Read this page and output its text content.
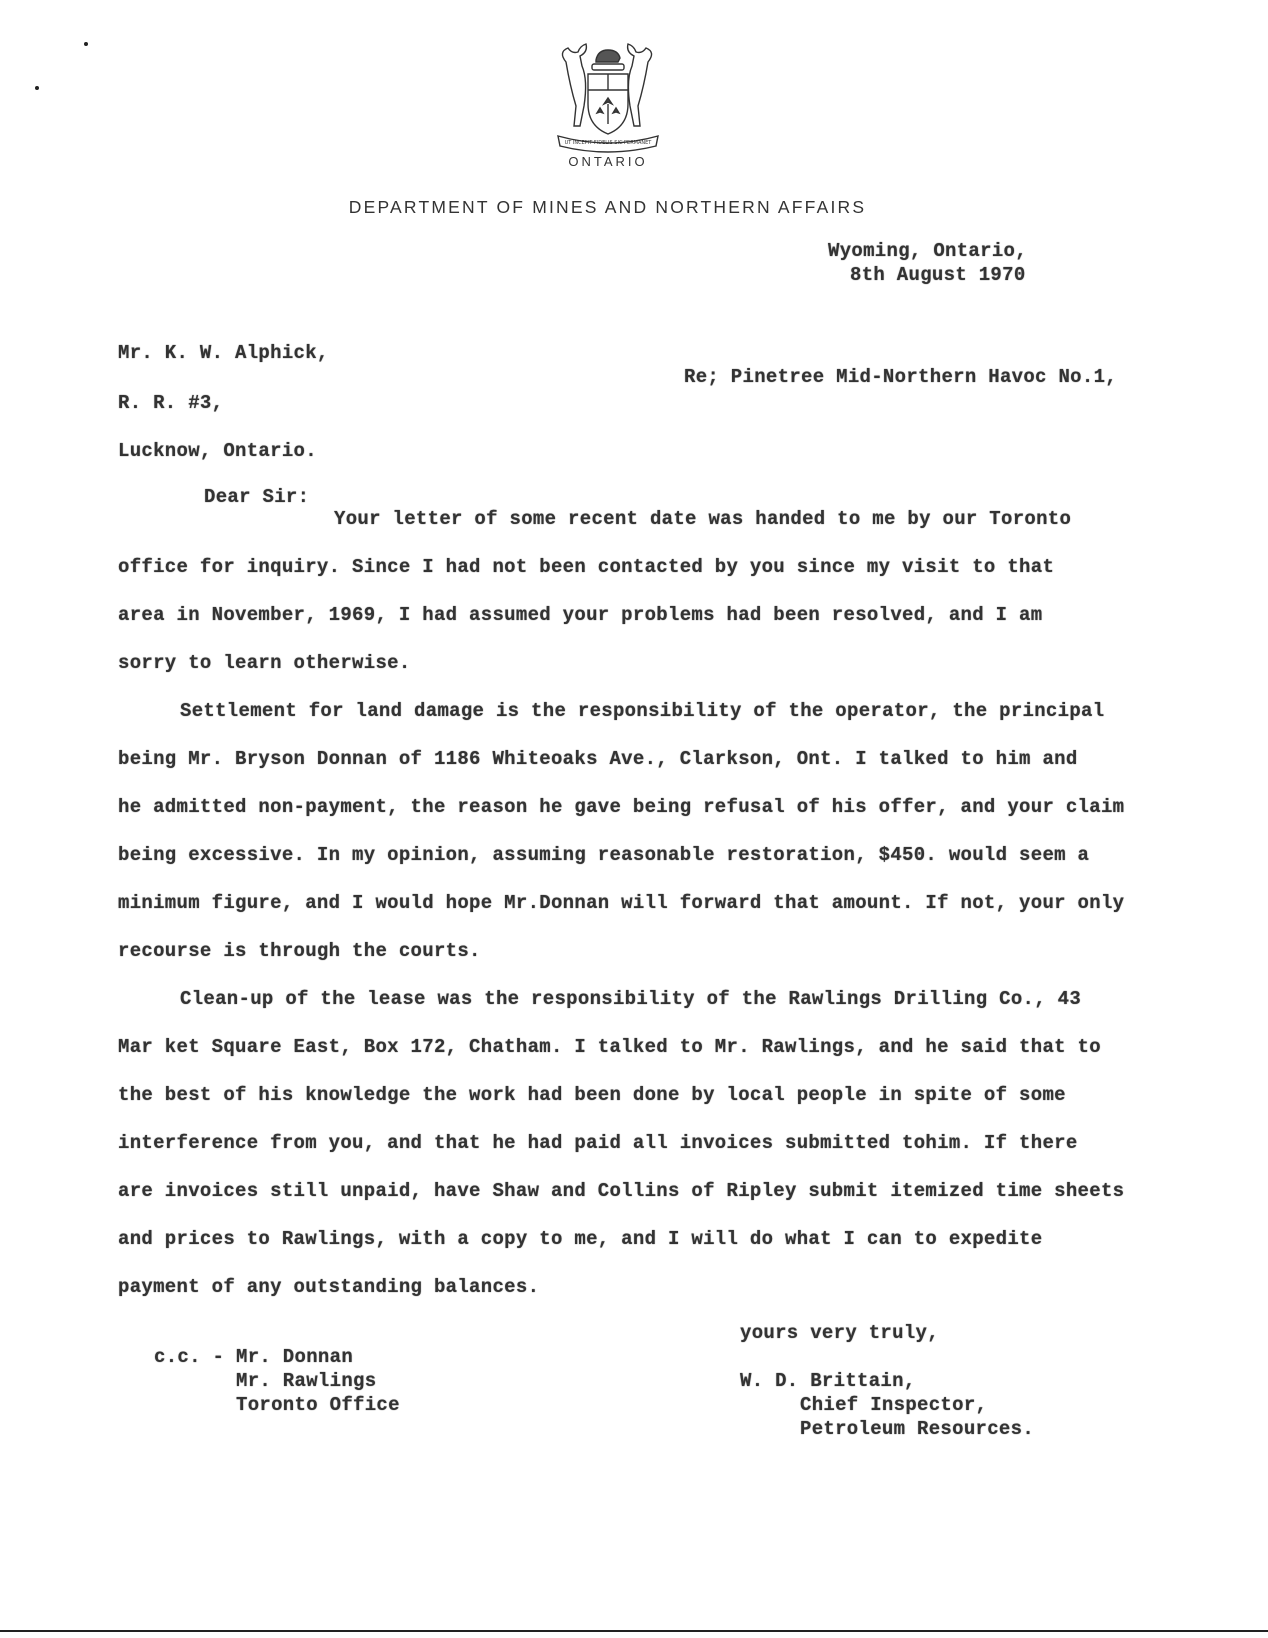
UT INCEPIT FIDELIS SIC PERMANET
ONTARIO
DEPARTMENT OF MINES AND NORTHERN AFFAIRS
Wyoming, Ontario,
8th August 1970
Mr. K. W. Alphick,
R. R. #3,
Lucknow, Ontario.
Re; Pinetree Mid-Northern Havoc No.1,
Dear Sir:
Your letter of some recent date was handed to me by our Toronto
office for inquiry. Since I had not been contacted by you since my visit to that
area in November, 1969, I had assumed your problems had been resolved, and I am
sorry to learn otherwise.
Settlement for land damage is the responsibility of the operator, the principal
being Mr. Bryson Donnan of 1186 Whiteoaks Ave., Clarkson, Ont. I talked to him and
he admitted non-payment, the reason he gave being refusal of his offer, and your claim
being excessive. In my opinion, assuming reasonable restoration, $450. would seem a
minimum figure, and I would hope Mr.Donnan will forward that amount. If not, your only
recourse is through the courts.
Clean-up of the lease was the responsibility of the Rawlings Drilling Co., 43
Mar ket Square East, Box 172, Chatham. I talked to Mr. Rawlings, and he said that to
the best of his knowledge the work had been done by local people in spite of some
interference from you, and that he had paid all invoices submitted tohim. If there
are invoices still unpaid, have Shaw and Collins of Ripley submit itemized time sheets
and prices to Rawlings, with a copy to me, and I will do what I can to expedite
payment of any outstanding balances.
yours very truly,
W. D. Brittain,
Chief Inspector,
Petroleum Resources.
c.c. - Mr. Donnan
Mr. Rawlings
Toronto Office
